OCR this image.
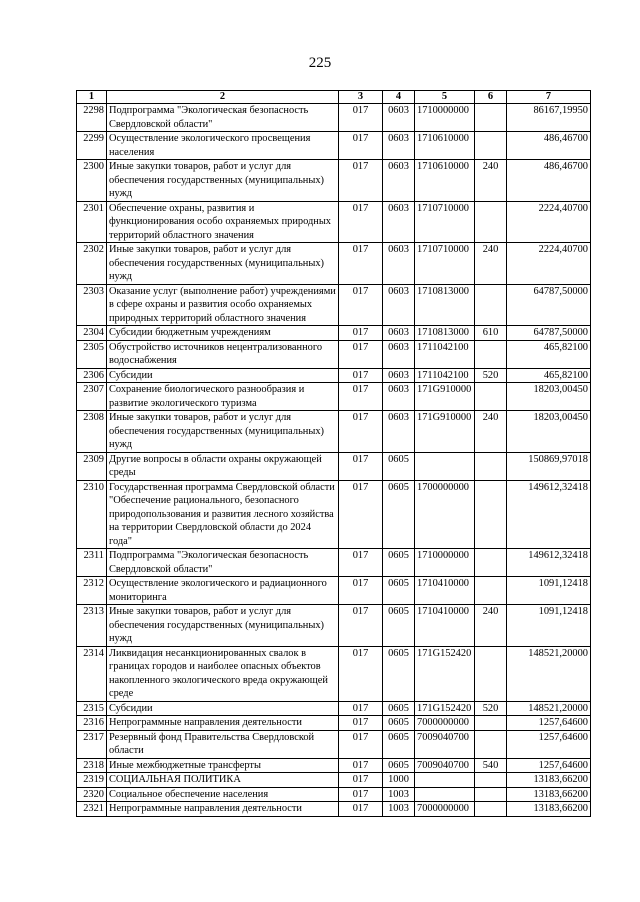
225
1	2	3	4	5	6	7
2298	Подпрограмма "Экологическая безопасность Свердловской области"	017	0603	1710000000		86167,19950
2299	Осуществление экологического просвещения населения	017	0603	1710610000		486,46700
2300	Иные закупки товаров, работ и услуг для обеспечения государственных (муниципальных) нужд	017	0603	1710610000	240	486,46700
2301	Обеспечение охраны, развития и функционирования особо охраняемых природных территорий областного значения	017	0603	1710710000		2224,40700
2302	Иные закупки товаров, работ и услуг для обеспечения государственных (муниципальных) нужд	017	0603	1710710000	240	2224,40700
2303	Оказание услуг (выполнение работ) учреждениями в сфере охраны и развития особо охраняемых природных территорий областного значения	017	0603	1710813000		64787,50000
2304	Субсидии бюджетным учреждениям	017	0603	1710813000	610	64787,50000
2305	Обустройство источников нецентрализованного водоснабжения	017	0603	1711042100		465,82100
2306	Субсидии	017	0603	1711042100	520	465,82100
2307	Сохранение биологического разнообразия и развитие экологического туризма	017	0603	171G910000		18203,00450
2308	Иные закупки товаров, работ и услуг для обеспечения государственных (муниципальных) нужд	017	0603	171G910000	240	18203,00450
2309	Другие вопросы в области охраны окружающей среды	017	0605			150869,97018
2310	Государственная программа Свердловской области "Обеспечение рационального, безопасного природопользования и развития лесного хозяйства на территории Свердловской области до 2024 года"	017	0605	1700000000		149612,32418
2311	Подпрограмма "Экологическая безопасность Свердловской области"	017	0605	1710000000		149612,32418
2312	Осуществление экологического и радиационного мониторинга	017	0605	1710410000		1091,12418
2313	Иные закупки товаров, работ и услуг для обеспечения государственных (муниципальных) нужд	017	0605	1710410000	240	1091,12418
2314	Ликвидация несанкционированных свалок в границах городов и наиболее опасных объектов накопленного экологического вреда окружающей среде	017	0605	171G152420		148521,20000
2315	Субсидии	017	0605	171G152420	520	148521,20000
2316	Непрограммные направления деятельности	017	0605	7000000000		1257,64600
2317	Резервный фонд Правительства Свердловской области	017	0605	7009040700		1257,64600
2318	Иные межбюджетные трансферты	017	0605	7009040700	540	1257,64600
2319	СОЦИАЛЬНАЯ ПОЛИТИКА	017	1000			13183,66200
2320	Социальное обеспечение населения	017	1003			13183,66200
2321	Непрограммные направления деятельности	017	1003	7000000000		13183,66200
